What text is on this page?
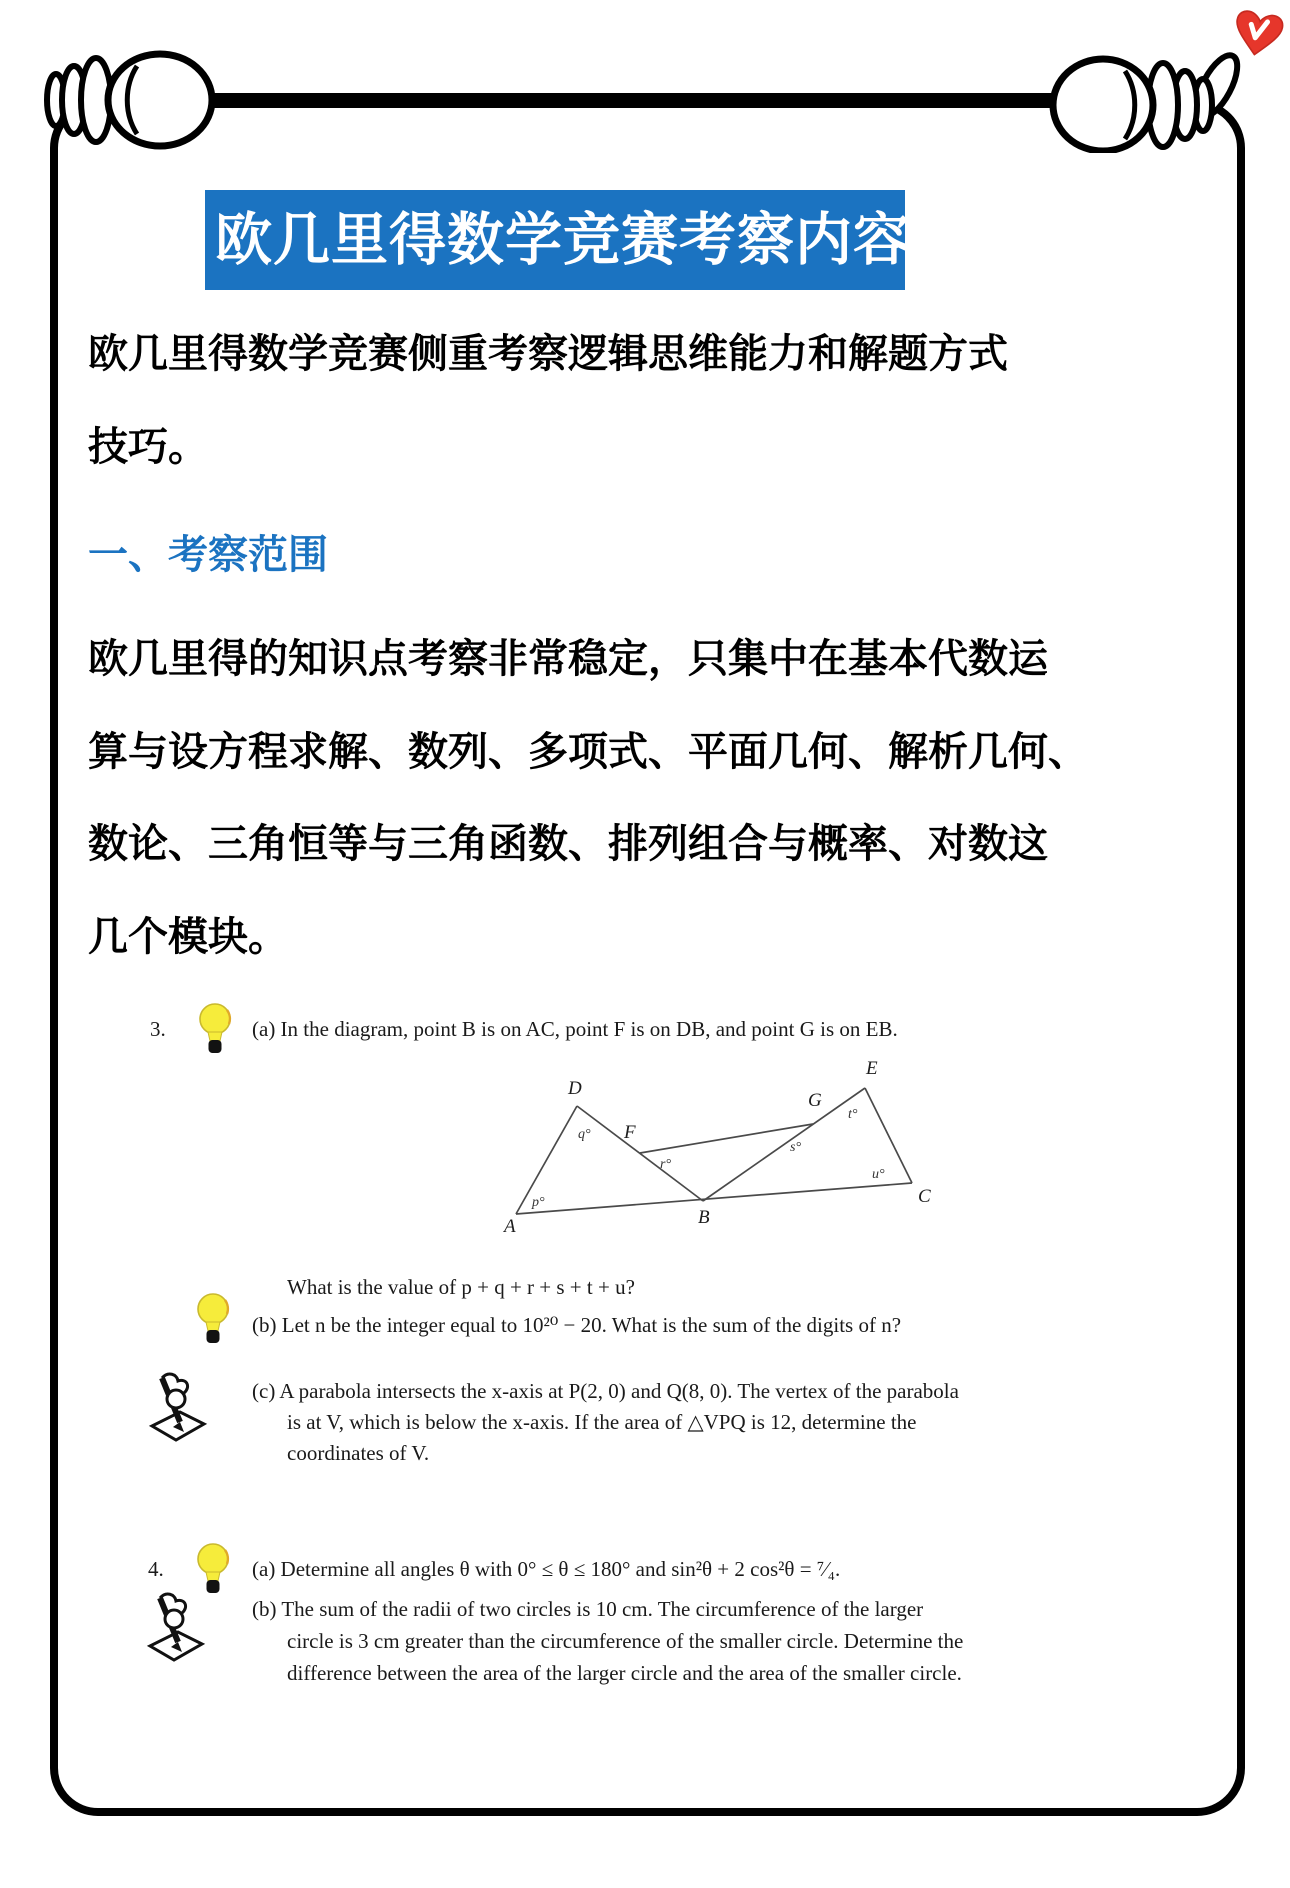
欧几里得数学竞赛考察内容
欧几里得数学竞赛侧重考察逻辑思维能力和解题方式
技巧。
一、考察范围
欧几里得的知识点考察非常稳定，只集中在基本代数运
算与设方程求解、数列、多项式、平面几何、解析几何、
数论、三角恒等与三角函数、排列组合与概率、对数这
几个模块。
3.	(a) In the diagram, point B is on AC, point F is on DB, and point G is on EB.
A
D
F
B
G
E
C
p°
q°
r°
s°
t°
u°
What is the value of p + q + r + s + t + u?
(b) Let n be the integer equal to 10²⁰ − 20. What is the sum of the digits of n?
(c) A parabola intersects the x-axis at P(2, 0) and Q(8, 0). The vertex of the parabola
is at V, which is below the x-axis. If the area of △VPQ is 12, determine the
coordinates of V.
4.	(a) Determine all angles θ with 0° ≤ θ ≤ 180° and sin²θ + 2 cos²θ = ⁷⁄₄.
(b) The sum of the radii of two circles is 10 cm. The circumference of the larger
circle is 3 cm greater than the circumference of the smaller circle. Determine the
difference between the area of the larger circle and the area of the smaller circle.
